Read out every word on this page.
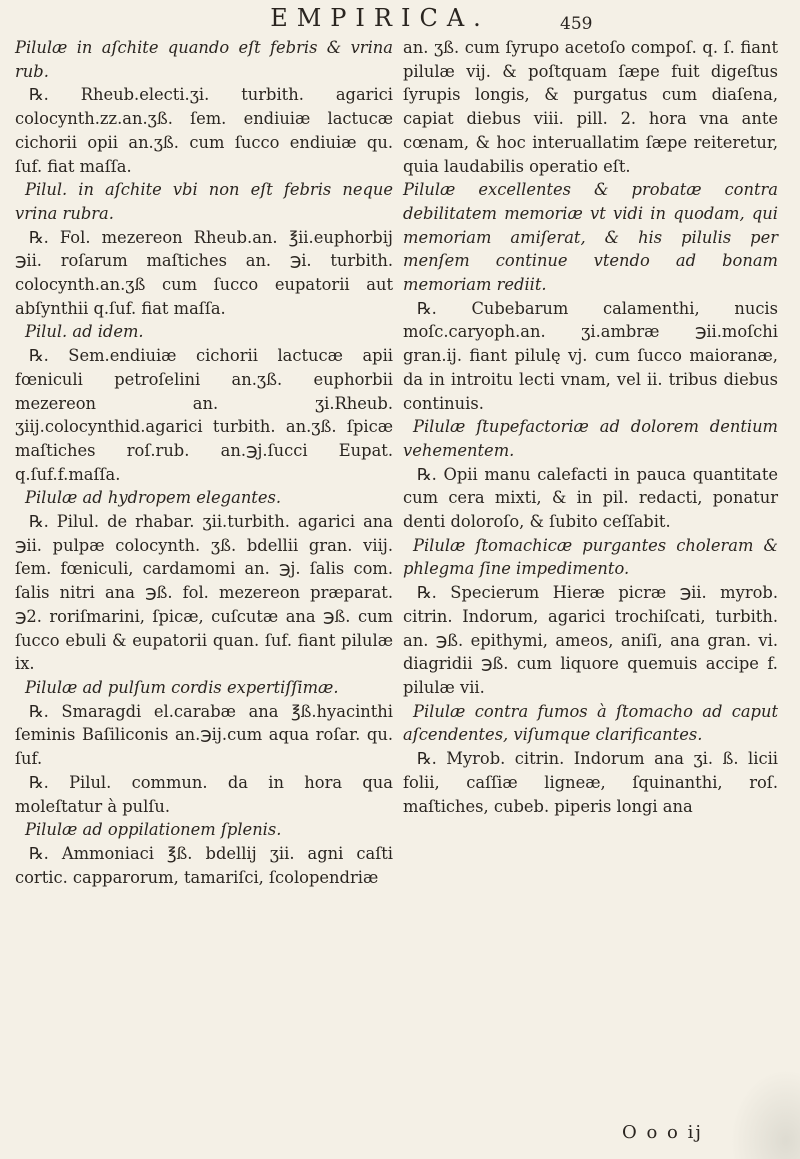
EMPIRICA.	459

Pilulæ in aſchite quando eſt febris & vrina rub.

℞. Rheub.electi.ʒi. turbith. agarici colocynth.zz.an.ʒß. ſem. endiuiæ lactucæ cichorii opii an.ʒß. cum ſucco endiuiæ qu. ſuf. fiat maſſa.

Pilul. in aſchite vbi non eſt febris neque vrina rubra.

℞. Fol. mezereon Rheub.an. ℥ii.euphorbij ℈ii. roſarum maſtiches an. ℈i. turbith. colocynth.an.ʒß cum ſucco eupatorii aut abſynthii q.ſuf. fiat maſſa.

Pilul. ad idem.

℞. Sem.endiuiæ cichorii lactucæ apii fœniculi petroſelini an.ʒß. euphorbii mezereon an. ʒi.Rheub. ʒiij.colocynthid.agarici turbith. an.ʒß. ſpicæ maſtiches roſ.rub. an.℈j.ſucci Eupat. q.ſuf.f.maſſa.

Pilulæ ad hydropem elegantes.

℞. Pilul. de rhabar. ʒii.turbith. agarici ana ℈ii. pulpæ colocynth. ʒß. bdellii gran. viij. ſem. fœniculi, cardamomi an. ℈j. ſalis com. ſalis nitri ana ℈ß. fol. mezereon præparat. ℈2. roriſmarini, ſpicæ, cuſcutæ ana ℈ß. cum ſucco ebuli & eupatorii quan. ſuf. fiant pilulæ ix.

Pilulæ ad pulſum cordis expertiſſimæ.

℞. Smaragdi el.carabæ ana ℥ß.hyacinthi ſeminis Baſiliconis an.℈ij.cum aqua roſar. qu. ſuf.

℞. Pilul. commun. da in hora qua moleſtatur à pulſu.

Pilulæ ad oppilationem ſplenis.

℞. Ammoniaci ℥ß. bdellij ʒii. agni caſti cortic. capparorum, tamariſci, ſcolopendriæ

an. ʒß. cum ſyrupo acetoſo compoſ. q. ſ. fiant pilulæ vij. & poſtquam ſæpe fuit digeſtus ſyrupis longis, & purgatus cum diaſena, capiat diebus viii. pill. 2. hora vna ante cœnam, & hoc interuallatim ſæpe reiteretur, quia laudabilis operatio eſt.

Pilulæ excellentes & probatæ contra debilitatem memoriæ vt vidi in quodam, qui memoriam amiſerat, & his pilulis per menſem continue vtendo ad bonam memoriam rediit.

℞. Cubebarum calamenthi, nucis moſc.caryoph.an. ʒi.ambræ ℈ii.moſchi gran.ij. fiant pilulę vj. cum ſucco maioranæ, da in introitu lecti vnam, vel ii. tribus diebus continuis.

Pilulæ ſtupefactoriæ ad dolorem dentium vehementem.

℞. Opii manu calefacti in pauca quantitate cum cera mixti, & in pil. redacti, ponatur denti doloroſo, & ſubito ceſſabit.

Pilulæ ſtomachicæ purgantes choleram & phlegma ſine impedimento.

℞. Specierum Hieræ picræ ℈ii. myrob. citrin. Indorum, agarici trochiſcati, turbith. an. ℈ß. epithymi, ameos, aniſi, ana gran. vi. diagridii ℈ß. cum liquore quemuis accipe f. pilulæ vii.

Pilulæ contra fumos à ſtomacho ad caput aſcendentes, viſumque clarificantes.

℞. Myrob. citrin. Indorum ana ʒi. ß. licii folii, caſſiæ ligneæ, ſquinanthi, roſ. maſtiches, cubeb. piperis longi ana

O o o ij
